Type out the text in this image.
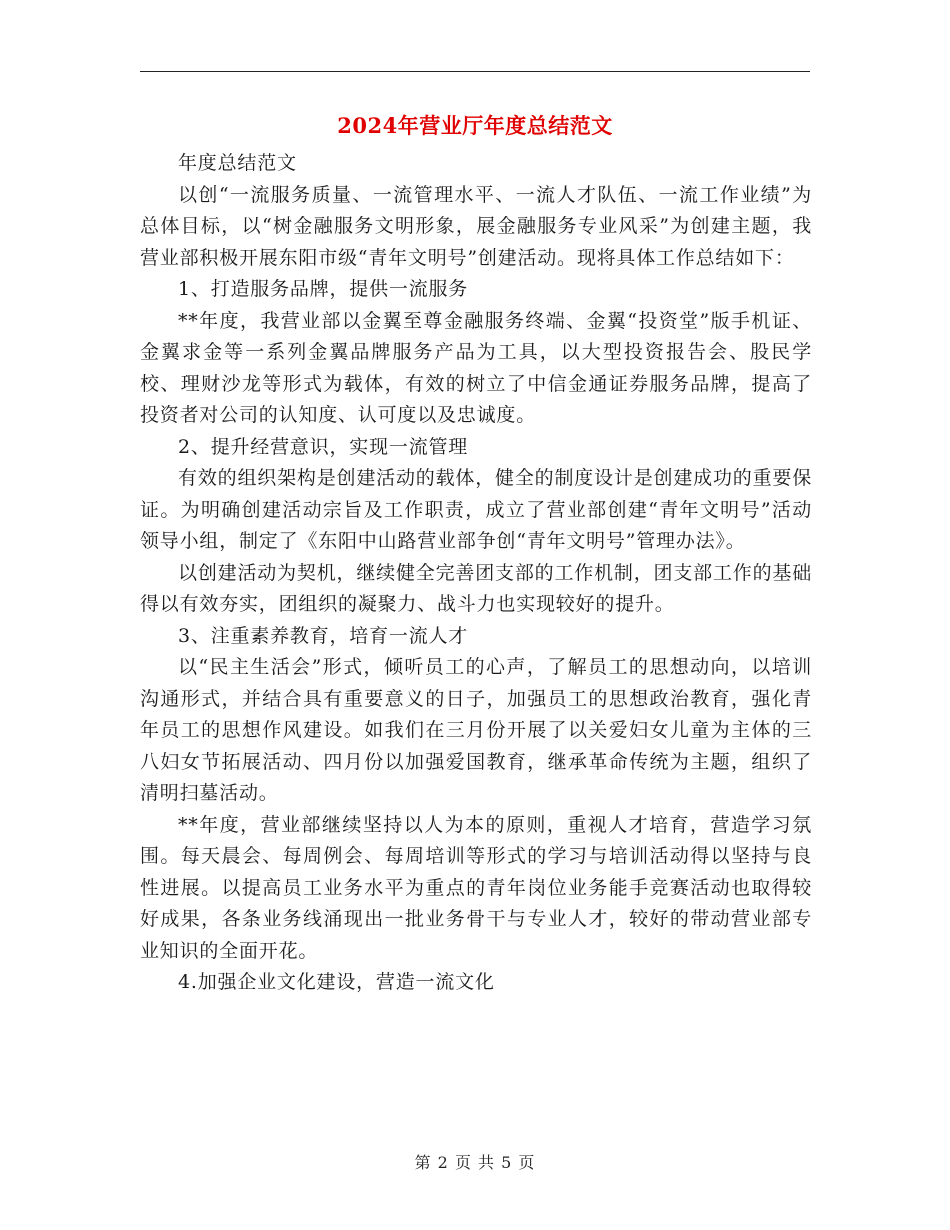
2024年营业厅年度总结范文

年度总结范文

以创“一流服务质量、一流管理水平、一流人才队伍、一流工作业绩”为总体目标，以“树金融服务文明形象，展金融服务专业风采”为创建主题，我营业部积极开展东阳市级“青年文明号”创建活动。现将具体工作总结如下：

1、打造服务品牌，提供一流服务

**年度，我营业部以金翼至尊金融服务终端、金翼“投资堂”版手机证、金翼求金等一系列金翼品牌服务产品为工具，以大型投资报告会、股民学校、理财沙龙等形式为载体，有效的树立了中信金通证券服务品牌，提高了投资者对公司的认知度、认可度以及忠诚度。

2、提升经营意识，实现一流管理

有效的组织架构是创建活动的载体，健全的制度设计是创建成功的重要保证。为明确创建活动宗旨及工作职责，成立了营业部创建“青年文明号”活动领导小组，制定了《东阳中山路营业部争创“青年文明号”管理办法》。

以创建活动为契机，继续健全完善团支部的工作机制，团支部工作的基础得以有效夯实，团组织的凝聚力、战斗力也实现较好的提升。

3、注重素养教育，培育一流人才

以“民主生活会”形式，倾听员工的心声，了解员工的思想动向，以培训沟通形式，并结合具有重要意义的日子，加强员工的思想政治教育，强化青年员工的思想作风建设。如我们在三月份开展了以关爱妇女儿童为主体的三八妇女节拓展活动、四月份以加强爱国教育，继承革命传统为主题，组织了清明扫墓活动。

**年度，营业部继续坚持以人为本的原则，重视人才培育，营造学习氛围。每天晨会、每周例会、每周培训等形式的学习与培训活动得以坚持与良性进展。以提高员工业务水平为重点的青年岗位业务能手竞赛活动也取得较好成果，各条业务线涌现出一批业务骨干与专业人才，较好的带动营业部专业知识的全面开花。

4.加强企业文化建设，营造一流文化

第 2 页 共 5 页
